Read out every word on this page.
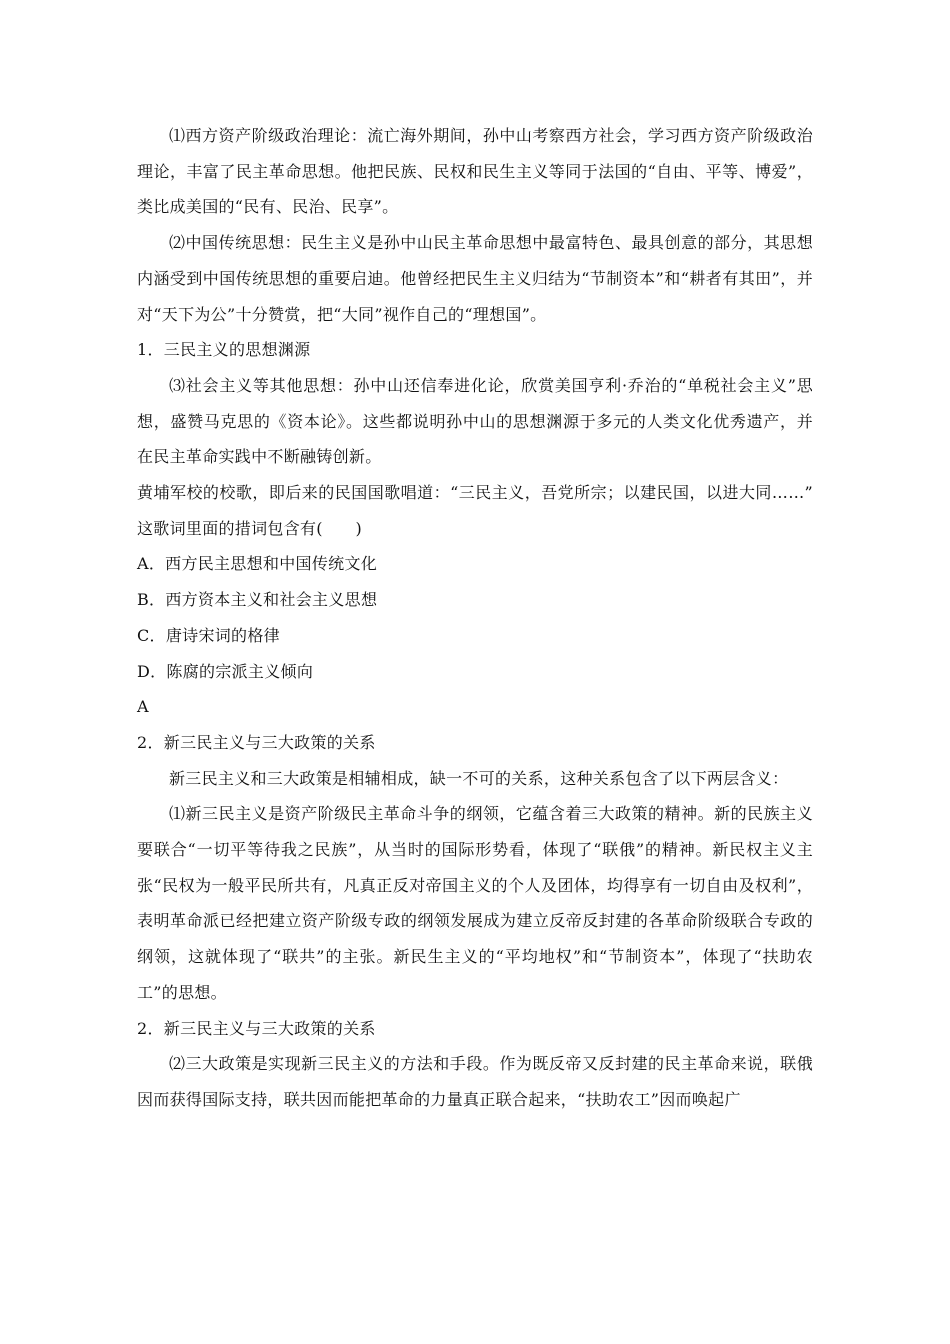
⑴西方资产阶级政治理论：流亡海外期间，孙中山考察西方社会，学习西方资产阶级政治理论，丰富了民主革命思想。他把民族、民权和民生主义等同于法国的“自由、平等、博爱”，类比成美国的“民有、民治、民享”。

⑵中国传统思想：民生主义是孙中山民主革命思想中最富特色、最具创意的部分，其思想内涵受到中国传统思想的重要启迪。他曾经把民生主义归结为“节制资本”和“耕者有其田”，并对“天下为公”十分赞赏，把“大同”视作自己的“理想国”。

1．三民主义的思想渊源

⑶社会主义等其他思想：孙中山还信奉进化论，欣赏美国亨利·乔治的“单税社会主义”思想，盛赞马克思的《资本论》。这些都说明孙中山的思想渊源于多元的人类文化优秀遗产，并在民主革命实践中不断融铸创新。

黄埔军校的校歌，即后来的民国国歌唱道：“三民主义，吾党所宗；以建民国，以进大同……” 这歌词里面的措词包含有(　　)

A．西方民主思想和中国传统文化

B．西方资本主义和社会主义思想

C．唐诗宋词的格律

D．陈腐的宗派主义倾向

A

2．新三民主义与三大政策的关系

新三民主义和三大政策是相辅相成，缺一不可的关系，这种关系包含了以下两层含义：

⑴新三民主义是资产阶级民主革命斗争的纲领，它蕴含着三大政策的精神。新的民族主义要联合“一切平等待我之民族”，从当时的国际形势看，体现了“联俄”的精神。新民权主义主张“民权为一般平民所共有，凡真正反对帝国主义的个人及团体，均得享有一切自由及权利”，表明革命派已经把建立资产阶级专政的纲领发展成为建立反帝反封建的各革命阶级联合专政的纲领，这就体现了“联共”的主张。新民生主义的“平均地权”和“节制资本”，体现了“扶助农工”的思想。

2．新三民主义与三大政策的关系

⑵三大政策是实现新三民主义的方法和手段。作为既反帝又反封建的民主革命来说，联俄因而获得国际支持，联共因而能把革命的力量真正联合起来，“扶助农工”因而唤起广
